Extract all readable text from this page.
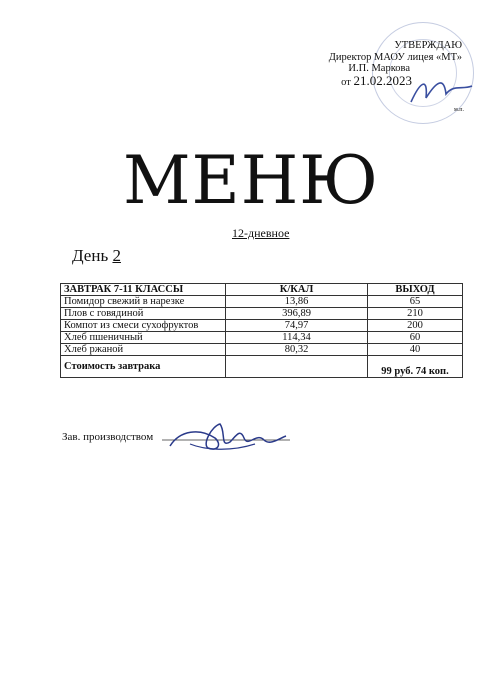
УТВЕРЖДАЮ
Директор МАОУ лицея «МТ»
И.П. Маркова
от 21.02.2023
м.п.
МЕНЮ
12-дневное
День 2
ЗАВТРАК 7-11 КЛАССЫ	К/КАЛ	ВЫХОД
Помидор свежий в нарезке	13,86	65
Плов с говядиной	396,89	210
Компот из смеси сухофруктов	74,97	200
Хлеб пшеничный	114,34	60
Хлеб ржаной	80,32	40
Стоимость завтрака		99 руб. 74 коп.
Зав. производством
